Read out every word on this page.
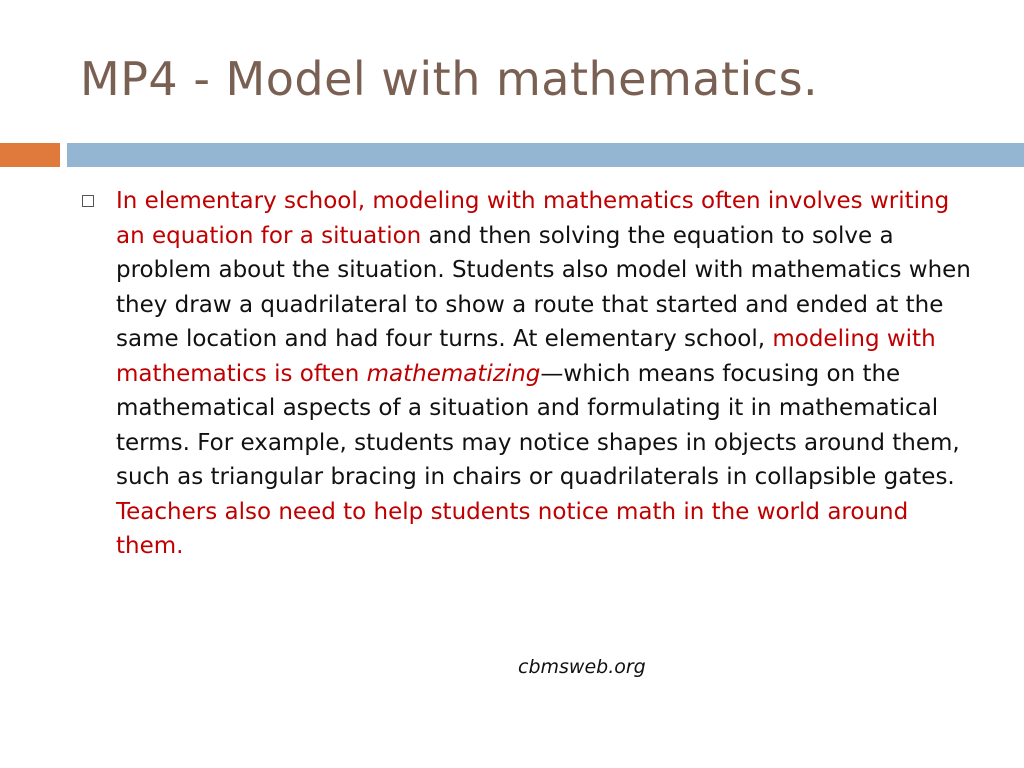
MP4 - Model with mathematics.
In elementary school, modeling with mathematics often involves writing an equation for a situation and then solving the equation to solve a problem about the situation. Students also model with mathematics when they draw a quadrilateral to show a route that started and ended at the same location and had four turns. At elementary school, modeling with mathematics is often mathematizing—which means focusing on the mathematical aspects of a situation and formulating it in mathematical terms. For example, students may notice shapes in objects around them, such as triangular bracing in chairs or quadrilaterals in collapsible gates. Teachers also need to help students notice math in the world around them.
cbmsweb.org
